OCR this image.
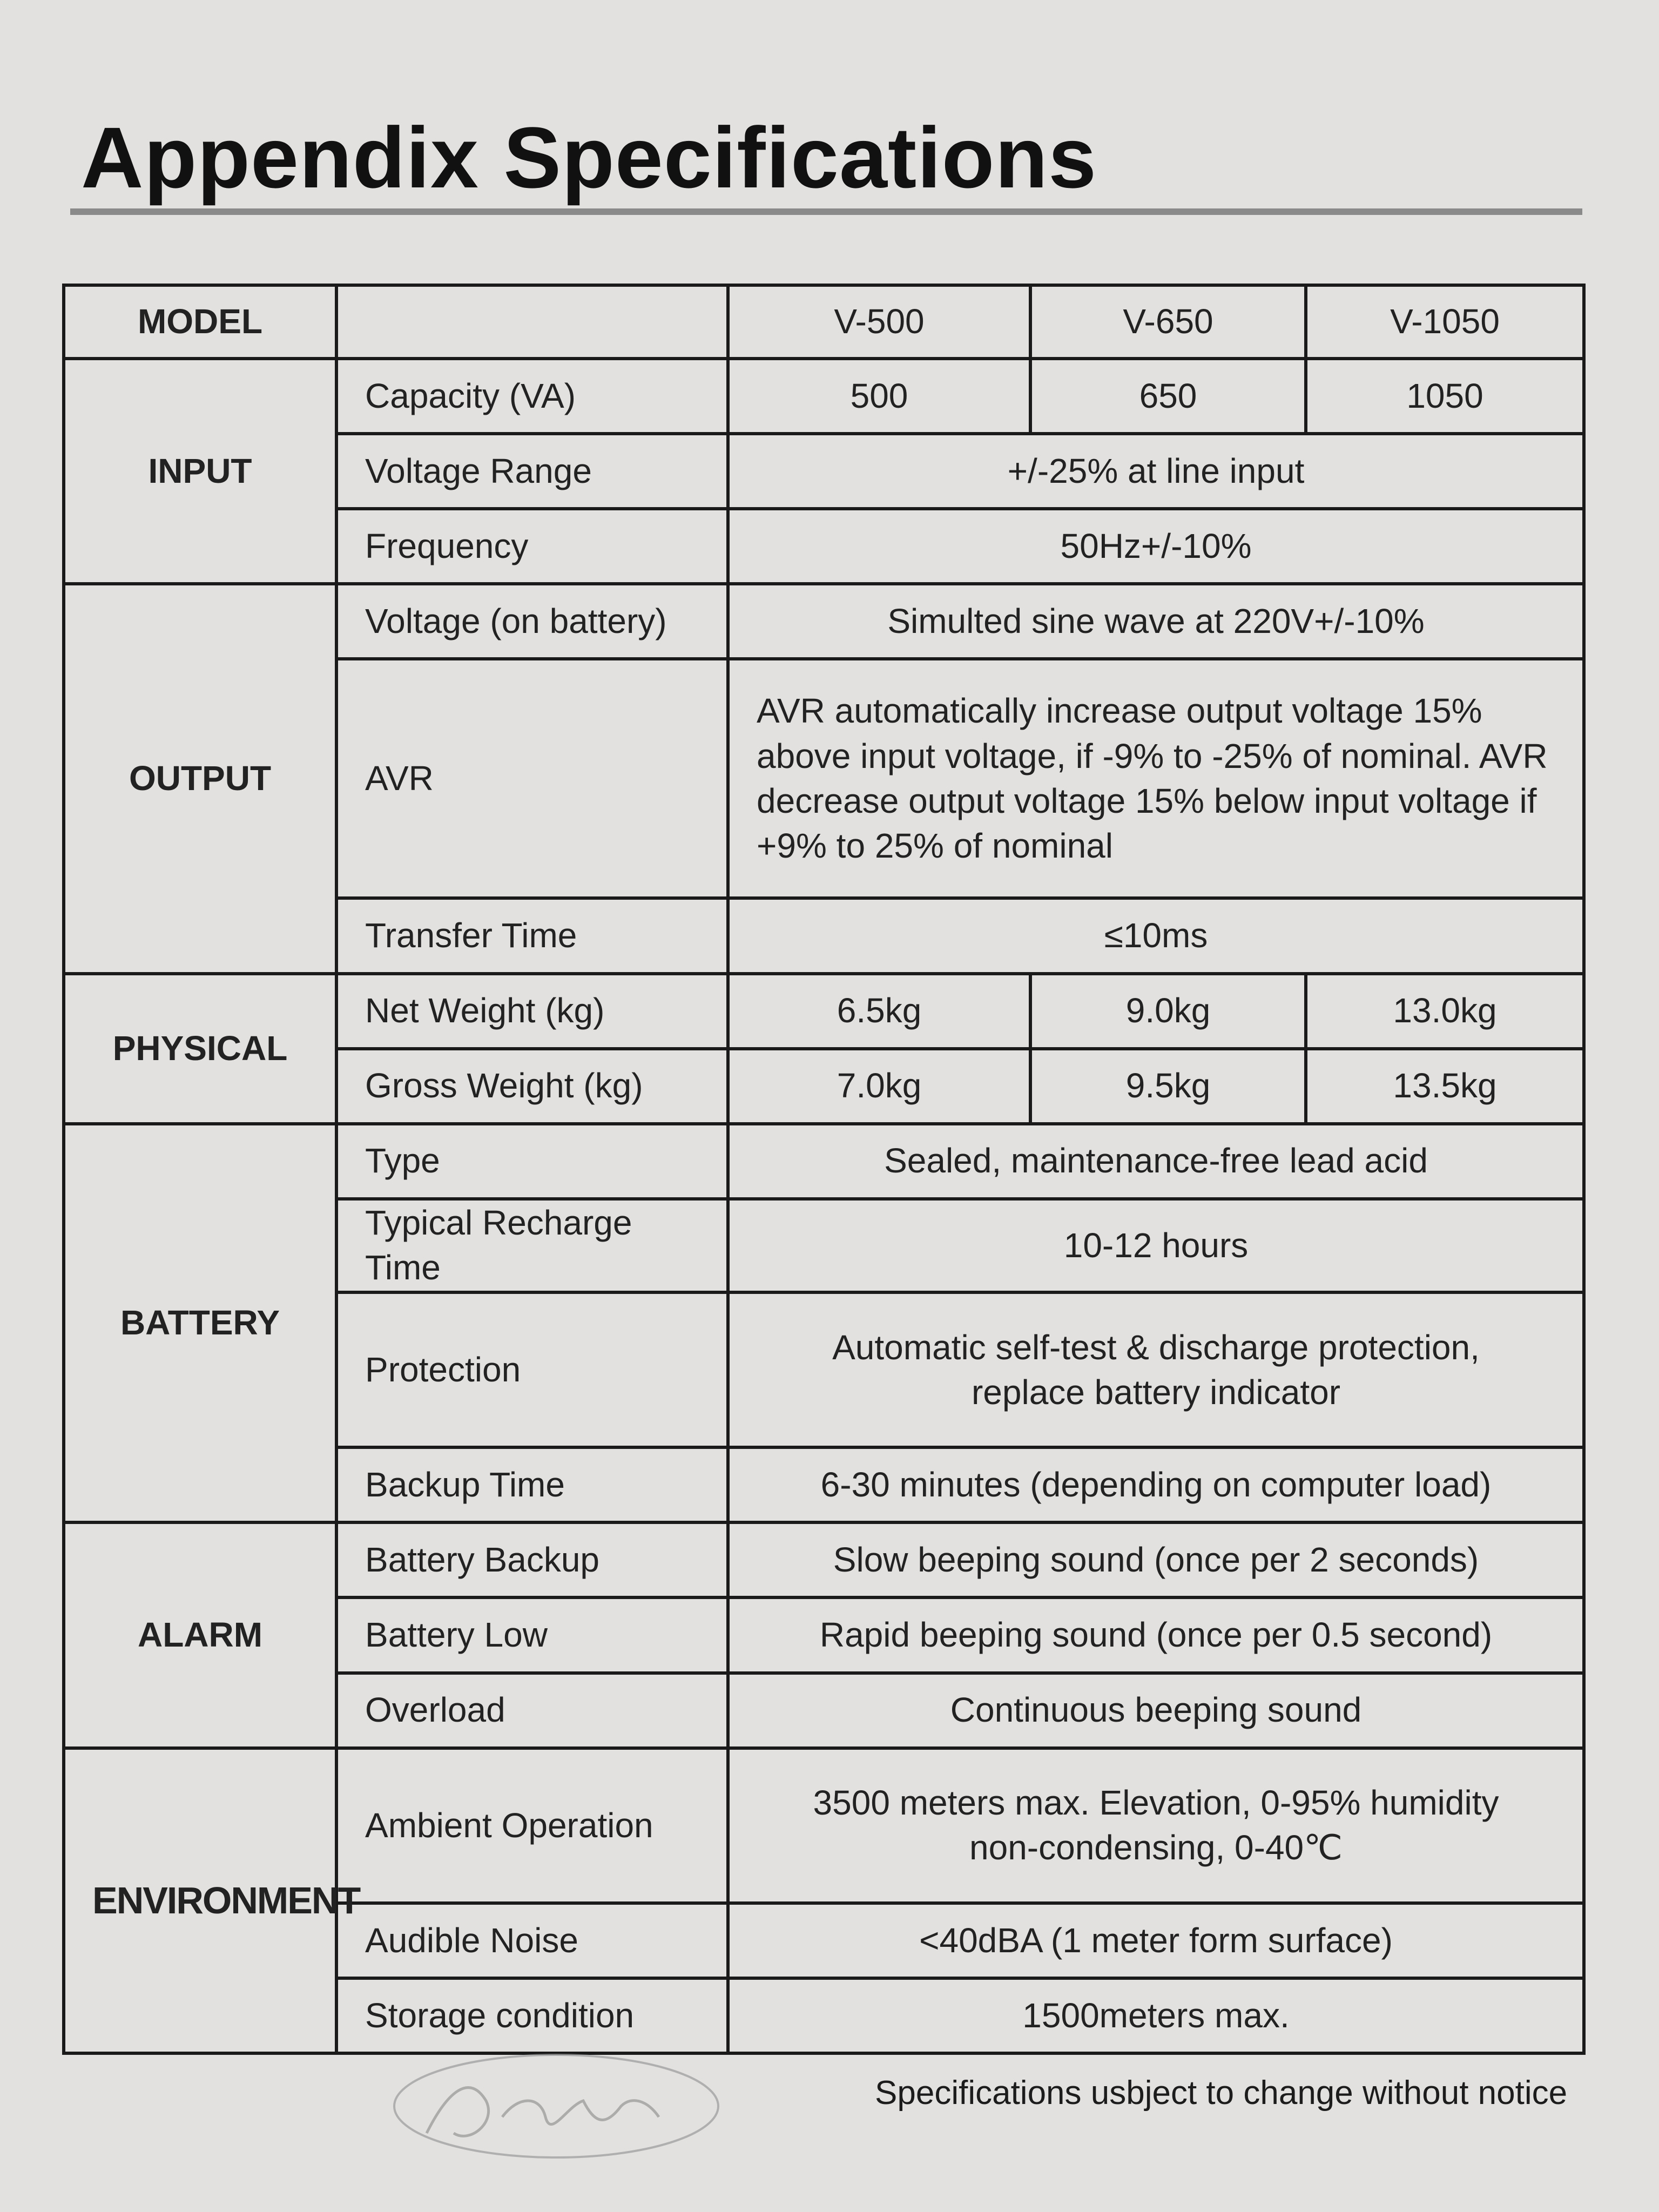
Appendix Specifications
MODEL		V-500	V-650	V-1050
INPUT	Capacity (VA)	500	650	1050
	Voltage Range	+/-25% at line input		
	Frequency	50Hz+/-10%		
OUTPUT	Voltage (on battery)	Simulted sine wave at 220V+/-10%		
	AVR	AVR automatically increase output voltage 15% above input voltage, if -9% to -25% of nominal. AVR decrease output voltage 15% below input voltage if +9% to 25% of nominal		
	Transfer Time	≤10ms		
PHYSICAL	Net Weight (kg)	6.5kg	9.0kg	13.0kg
	Gross Weight (kg)	7.0kg	9.5kg	13.5kg
BATTERY	Type	Sealed, maintenance-free lead acid		
	Typical Recharge Time	10-12 hours		
	Protection	Automatic self-test & discharge protection,
replace battery indicator		

	Backup Time	6-30 minutes (depending on computer load)		
ALARM	Battery Backup	Slow beeping sound (once per 2 seconds)		
	Battery Low	Rapid beeping sound (once per 0.5 second)		
	Overload	Continuous beeping sound		
ENVIRONMENT	Ambient Operation	3500 meters max. Elevation, 0-95% humidity
non-condensing, 0-40℃		

	Audible Noise	<40dBA (1 meter form surface)		
	Storage condition	1500meters max.		
Specifications usbject to change without notice
